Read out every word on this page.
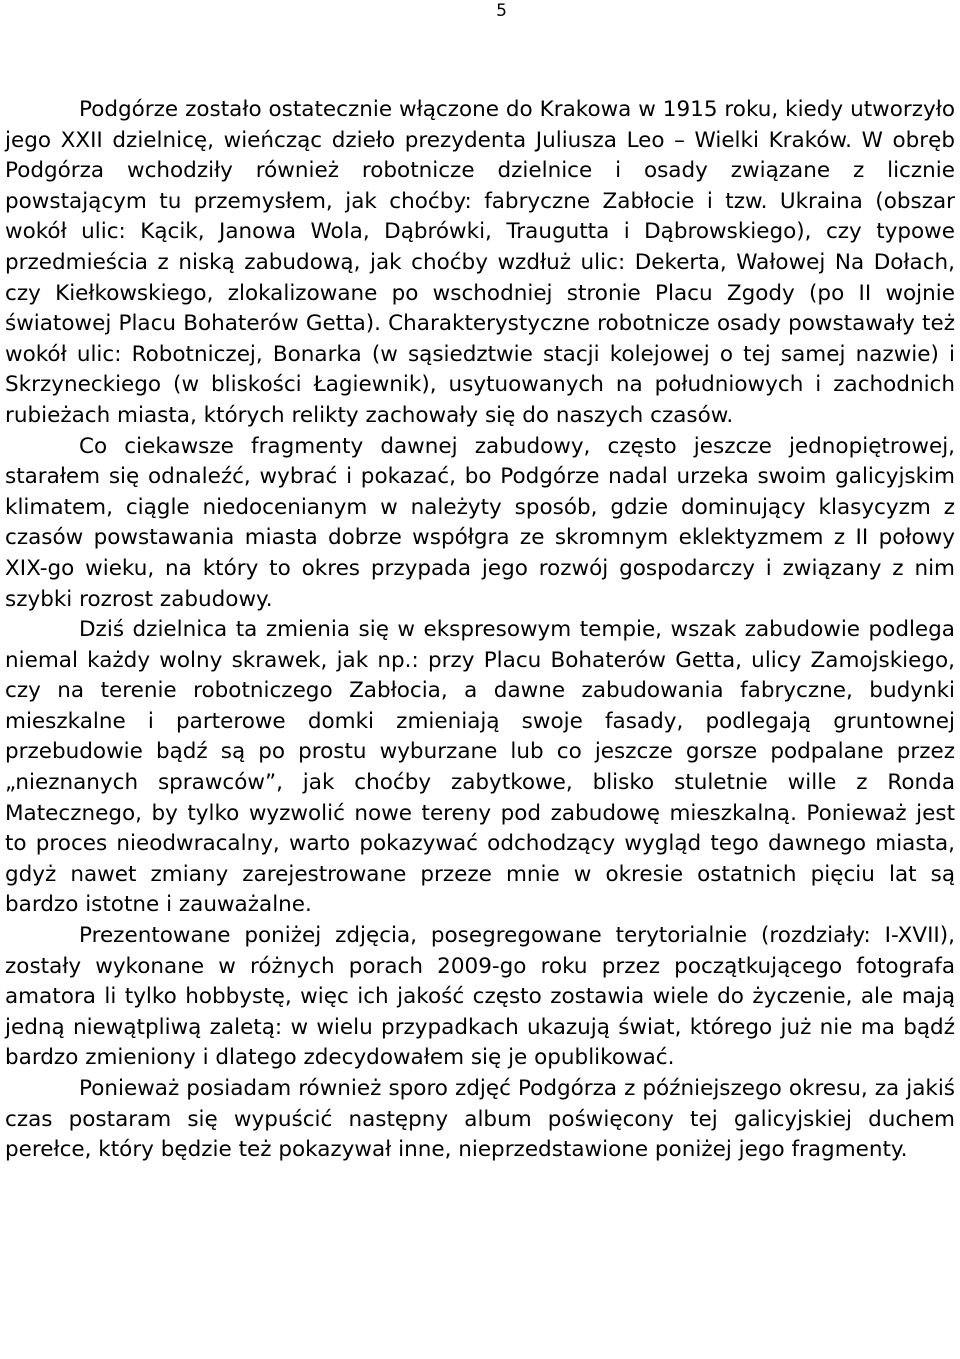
5

Podgórze zostało ostatecznie włączone do Krakowa w 1915 roku, kiedy utworzyło jego XXII dzielnicę, wieńcząc dzieło prezydenta Juliusza Leo – Wielki Kraków. W obręb Podgórza wchodziły również robotnicze dzielnice i osady związane z licznie powstającym tu przemysłem, jak choćby: fabryczne Zabłocie i tzw. Ukraina (obszar wokół ulic: Kącik, Janowa Wola, Dąbrówki, Traugutta i Dąbrowskiego), czy typowe przedmieścia z niską zabudową, jak choćby wzdłuż ulic: Dekerta, Wałowej Na Dołach, czy Kiełkowskiego, zlokalizowane po wschodniej stronie Placu Zgody (po II wojnie światowej Placu Bohaterów Getta). Charakterystyczne robotnicze osady powstawały też wokół ulic: Robotniczej, Bonarka (w sąsiedztwie stacji kolejowej o tej samej nazwie) i Skrzyneckiego (w bliskości Łagiewnik), usytuowanych na południowych i zachodnich rubieżach miasta, których relikty zachowały się do naszych czasów.

Co ciekawsze fragmenty dawnej zabudowy, często jeszcze jednopiętrowej, starałem się odnaleźć, wybrać i pokazać, bo Podgórze nadal urzeka swoim galicyjskim klimatem, ciągle niedocenianym w należyty sposób, gdzie dominujący klasycyzm z czasów powstawania miasta dobrze współgra ze skromnym eklektyzmem z II połowy XIX-go wieku, na który to okres przypada jego rozwój gospodarczy i związany z nim szybki rozrost zabudowy.

Dziś dzielnica ta zmienia się w ekspresowym tempie, wszak zabudowie podlega niemal każdy wolny skrawek, jak np.: przy Placu Bohaterów Getta, ulicy Zamojskiego, czy na terenie robotniczego Zabłocia, a dawne zabudowania fabryczne, budynki mieszkalne i parterowe domki zmieniają swoje fasady, podlegają gruntownej przebudowie bądź są po prostu wyburzane lub co jeszcze gorsze podpalane przez „nieznanych sprawców”, jak choćby zabytkowe, blisko stuletnie wille z Ronda Matecznego, by tylko wyzwolić nowe tereny pod zabudowę mieszkalną. Ponieważ jest to proces nieodwracalny, warto pokazywać odchodzący wygląd tego dawnego miasta, gdyż nawet zmiany zarejestrowane przeze mnie w okresie ostatnich pięciu lat są bardzo istotne i zauważalne.

Prezentowane poniżej zdjęcia, posegregowane terytorialnie (rozdziały: I-XVII), zostały wykonane w różnych porach 2009-go roku przez początkującego fotografa amatora li tylko hobbystę, więc ich jakość często zostawia wiele do życzenie, ale mają jedną niewątpliwą zaletą: w wielu przypadkach ukazują świat, którego już nie ma bądź bardzo zmieniony i dlatego zdecydowałem się je opublikować.

Ponieważ posiadam również sporo zdjęć Podgórza z późniejszego okresu, za jakiś czas postaram się wypuścić następny album poświęcony tej galicyjskiej duchem perełce, który będzie też pokazywał inne, nieprzedstawione poniżej jego fragmenty.
